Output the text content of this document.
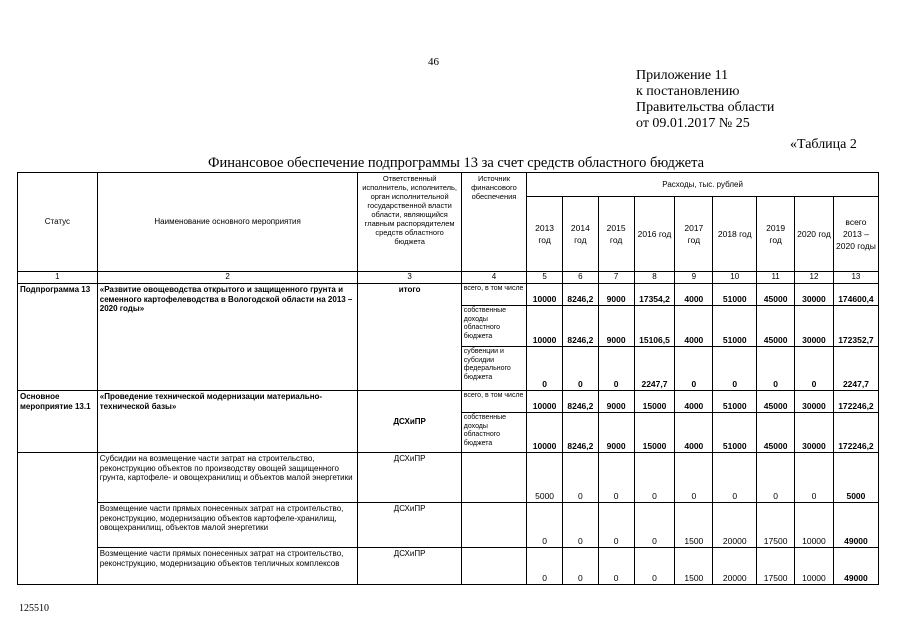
46
Приложение 11
к постановлению
Правительства области
от 09.01.2017 № 25
«Таблица 2
Финансовое обеспечение подпрограммы 13 за счет средств областного бюджета
Статус	Наименование основного мероприятия	Ответственный исполнитель, исполнитель, орган исполнительной государственной власти области, являющийся главным распорядителем средств областного бюджета	Источник финансового обеспечения	Расходы, тыс. рублей								
				2013 год	2014 год	2015 год	2016 год	2017 год	2018 год	2019 год	2020 год	всего 2013 – 2020 годы
1	2	3	4	5	6	7	8	9	10	11	12	13
Подпрограмма 13	«Развитие овощеводства открытого и защищенного грунта и семенного картофелеводства в Вологодской области на 2013 – 2020 годы»	итого	всего, в том числе	10000	8246,2	9000	17354,2	4000	51000	45000	30000	174600,4
			собственные доходы областного бюджета	10000	8246,2	9000	15106,5	4000	51000	45000	30000	172352,7
			субвенции и субсидии федерального бюджета	0	0	0	2247,7	0	0	0	0	2247,7
Основное мероприятие 13.1	«Проведение технической модернизации материально-технической базы»	ДСХиПР	всего, в том числе	10000	8246,2	9000	15000	4000	51000	45000	30000	172246,2
			собственные доходы областного бюджета	10000	8246,2	9000	15000	4000	51000	45000	30000	172246,2
	Субсидии на возмещение части затрат на строительство, реконструкцию объектов по производству овощей защищенного грунта, картофеле- и овощехранилищ и объектов малой энергетики	ДСХиПР		5000	0	0	0	0	0	0	0	5000
	Возмещение части прямых понесенных затрат на строительство, реконструкцию, модернизацию объектов картофеле-хранилищ, овощехранилищ, объектов малой энергетики	ДСХиПР		0	0	0	0	1500	20000	17500	10000	49000
	Возмещение части прямых понесенных затрат на строительство, реконструкцию, модернизацию объектов тепличных комплексов	ДСХиПР		0	0	0	0	1500	20000	17500	10000	49000
125510
